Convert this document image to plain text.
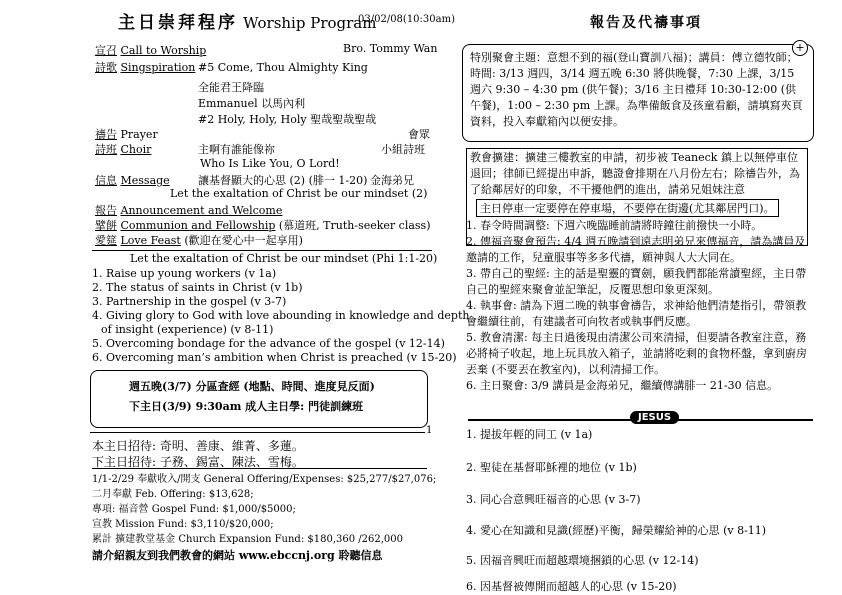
主日崇拜程序 Worship Program
03/02/08(10:30am)
宣召 Call to Worship	Bro. Tommy Wan
詩歌 Singspiration #5 Come, Thou Almighty King
全能君王降臨
Emmanuel 以馬內利
#2 Holy, Holy, Holy 聖哉聖哉聖哉
禱告 Prayer	會眾
詩班 Choir	主啊有誰能像祢	小組詩班
Who Is Like You, O Lord!
信息 Message	讓基督顯大的心思 (2) (腓一 1-20) 金海弟兄
Let the exaltation of Christ be our mindset (2)
報告 Announcement and Welcome
擘餅 Communion and Fellowship (慕道班, Truth-seeker class)
愛筵 Love Feast (歡迎在愛心中一起享用)
Let the exaltation of Christ be our mindset (Phi 1:1-20)
1. Raise up young workers (v 1a)
2. The status of saints in Christ (v 1b)
3. Partnership in the gospel (v 3-7)
4. Giving glory to God with love abounding in knowledge and depth
of insight (experience) (v 8-11)
5. Overcoming bondage for the advance of the gospel (v 12-14)
6. Overcoming man’s ambition when Christ is preached (v 15-20)
週五晚(3/7) 分區查經 (地點、時間、進度見反面)
下主日(3/9) 9:30am 成人主日學: 門徒訓練班
1
本主日招待: 奇明、善康、維菁、多蓮。
下主日招待: 子務、錫富、陳法、雪梅。
1/1-2/29 奉獻收入/開支 General Offering/Expenses: $25,277/$27,076;
二月奉獻 Feb. Offering: $13,628;
專項: 福音營 Gospel Fund: $1,000/$5000;
宣教 Mission Fund: $3,110/$20,000;
累計 擴建教堂基金 Church Expansion Fund: $180,360 /262,000
請介紹親友到我們教會的網站 www.ebccnj.org 聆聽信息
報告及代禱事項
+
特別聚會主題：意想不到的福(登山寶訓八福)；講員：傅立德牧師；時間: 3/13 週四，3/14 週五晚 6:30 將供晚餐，7:30 上課，3/15 週六 9:30 – 4:30 pm (供午餐)；3/16 主日禮拜 10:30-12:00 (供午餐)，1:00 – 2:30 pm 上課。為準備飯食及孩童看顧，請填寫夾頁資料，投入奉獻箱內以便安排。
教會擴建：擴建三樓教室的申請，初步被 Teaneck 鎮上以無停車位退回；律師已經提出申訴，聽證會排期在八月份左右；除禱告外，為了給鄰居好的印象，不干擾他們的進出，請弟兄姐妹注意
主日停車一定要停在停車場，不要停在街邊(尤其鄰居門口)。
1. 春令時間調整: 下週六晚臨睡前請將時鐘往前撥快一小時。
2. 傳福音聚會預告: 4/4 週五晚請到遠志明弟兄來傳福音，請為講員及邀請的工作，兒童服事等多多代禱，願神與人大大同在。
3. 帶自己的聖經: 主的話是聖靈的寶劍，願我們都能常讀聖經，主日帶自己的聖經來聚會並記筆記，反覆思想印象更深刻。
4. 執事會: 請為下週二晚的執事會禱告，求神給他們清楚指引，帶領教會繼續往前，有建議者可向牧者或執事們反應。
5. 教會清潔: 每主日過後現由清潔公司來清掃，但要請各教室注意，務必將椅子收起，地上玩具放入箱子，並請將吃剩的食物杯盤，拿到廚房丟棄 (不要丟在教室內)，以利清掃工作。
6. 主日聚會: 3/9 講員是金海弟兄，繼續傳講腓一 21-30 信息。
JESUS
1. 提拔年輕的同工 (v 1a)
2. 聖徒在基督耶穌裡的地位 (v 1b)
3. 同心合意興旺福音的心思 (v 3-7)
4. 愛心在知識和見識(經歷)平衡，歸榮耀給神的心思 (v 8-11)
5. 因福音興旺而超越環境捆鎖的心思 (v 12-14)
6. 因基督被傳開而超越人的心思 (v 15-20)
